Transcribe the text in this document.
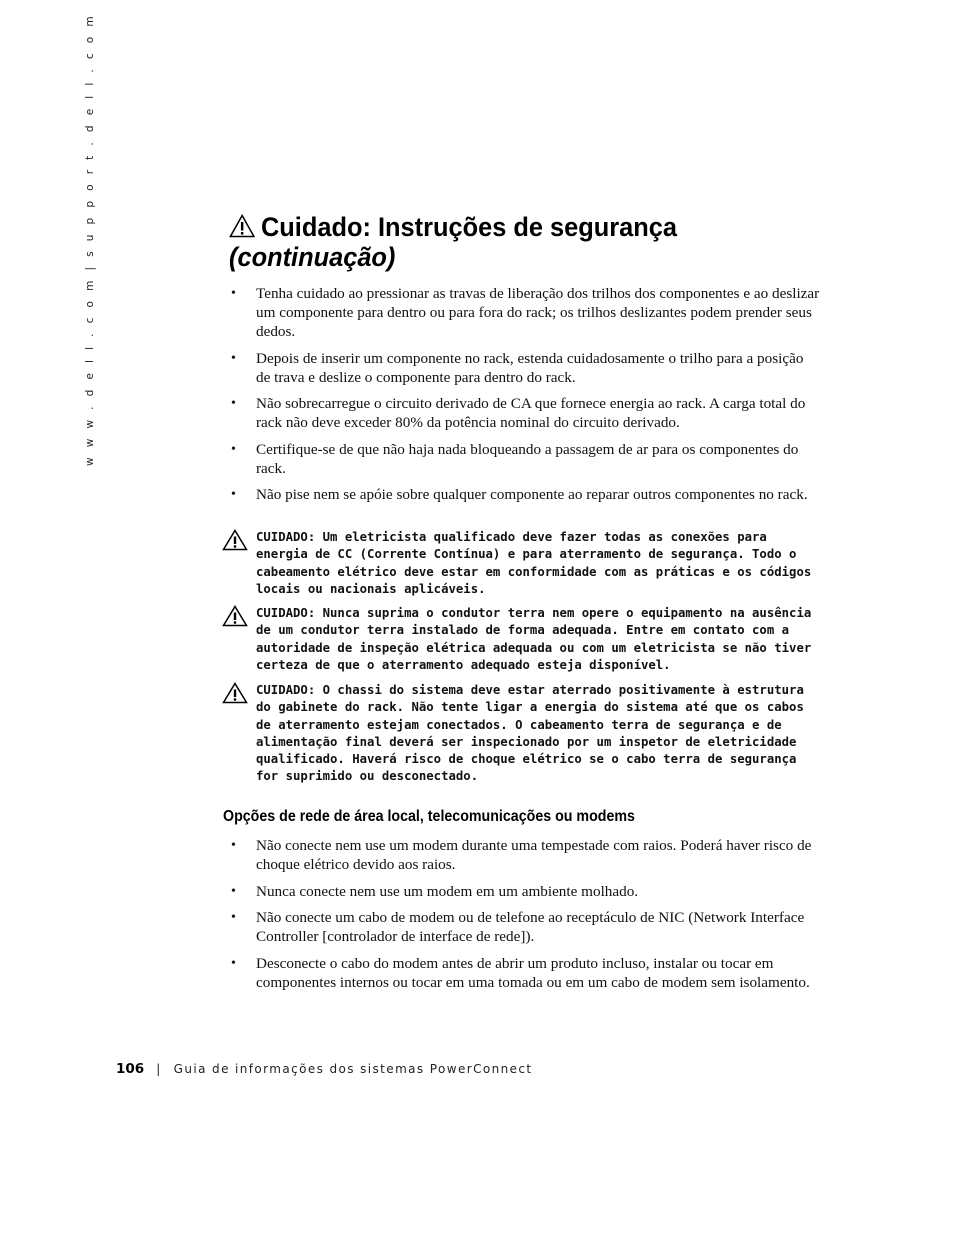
w w w . d e l l . c o m | s u p p o r t . d e l l . c o m	Cuidado: Instruções de segurança
(continuação)
• Tenha cuidado ao pressionar as travas de liberação dos trilhos dos componentes e ao deslizar um componente para dentro ou para fora do rack; os trilhos deslizantes podem prender seus dedos.
• Depois de inserir um componente no rack, estenda cuidadosamente o trilho para a posição de trava e deslize o componente para dentro do rack.
• Não sobrecarregue o circuito derivado de CA que fornece energia ao rack. A carga total do rack não deve exceder 80% da potência nominal do circuito derivado.
• Certifique-se de que não haja nada bloqueando a passagem de ar para os componentes do rack.
• Não pise nem se apóie sobre qualquer componente ao reparar outros componentes no rack.
CUIDADO: Um eletricista qualificado deve fazer todas as conexões para energia de CC (Corrente Contínua) e para aterramento de segurança. Todo o cabeamento elétrico deve estar em conformidade com as práticas e os códigos locais ou nacionais aplicáveis.
CUIDADO: Nunca suprima o condutor terra nem opere o equipamento na ausência de um condutor terra instalado de forma adequada. Entre em contato com a autoridade de inspeção elétrica adequada ou com um eletricista se não tiver certeza de que o aterramento adequado esteja disponível.
CUIDADO: O chassi do sistema deve estar aterrado positivamente à estrutura do gabinete do rack. Não tente ligar a energia do sistema até que os cabos de aterramento estejam conectados. O cabeamento terra de segurança e de alimentação final deverá ser inspecionado por um inspetor de eletricidade qualificado. Haverá risco de choque elétrico se o cabo terra de segurança for suprimido ou desconectado.
Opções de rede de área local, telecomunicações ou modems
• Não conecte nem use um modem durante uma tempestade com raios. Poderá haver risco de choque elétrico devido aos raios.
• Nunca conecte nem use um modem em um ambiente molhado.
• Não conecte um cabo de modem ou de telefone ao receptáculo de NIC (Network Interface Controller [controlador de interface de rede]).
• Desconecte o cabo do modem antes de abrir um produto incluso, instalar ou tocar em componentes internos ou tocar em uma tomada ou em um cabo de modem sem isolamento.
106 | Guia de informações dos sistemas PowerConnect
